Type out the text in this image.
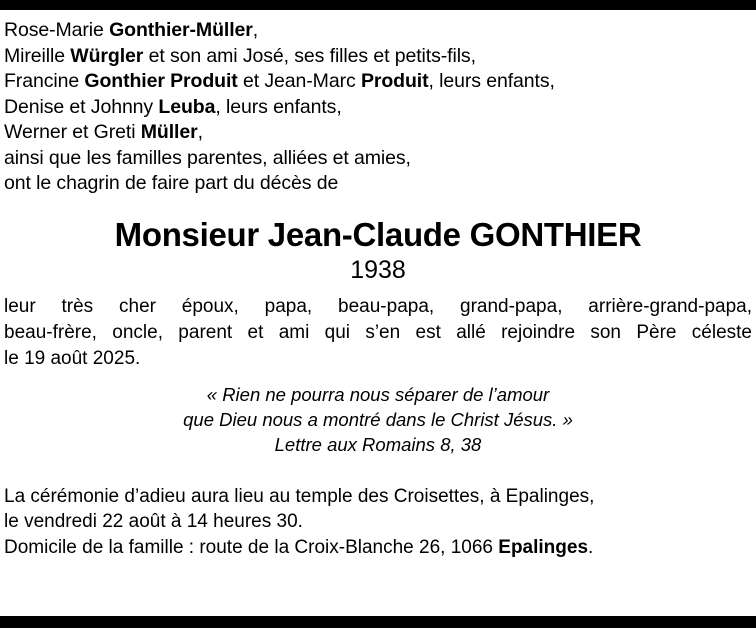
Rose-Marie Gonthier-Müller,
Mireille Würgler et son ami José, ses filles et petits-fils,
Francine Gonthier Produit et Jean-Marc Produit, leurs enfants,
Denise et Johnny Leuba, leurs enfants,
Werner et Greti Müller,
ainsi que les familles parentes, alliées et amies,
ont le chagrin de faire part du décès de
Monsieur Jean-Claude GONTHIER
1938
leur très cher époux, papa, beau-papa, grand-papa, arrière-grand-papa,
beau-frère, oncle, parent et ami qui s’en est allé rejoindre son Père céleste
le 19 août 2025.
« Rien ne pourra nous séparer de l’amour
que Dieu nous a montré dans le Christ Jésus. »
Lettre aux Romains 8, 38
La cérémonie d’adieu aura lieu au temple des Croisettes, à Epalinges,
le vendredi 22 août à 14 heures 30.
Domicile de la famille : route de la Croix-Blanche 26, 1066 Epalinges.
